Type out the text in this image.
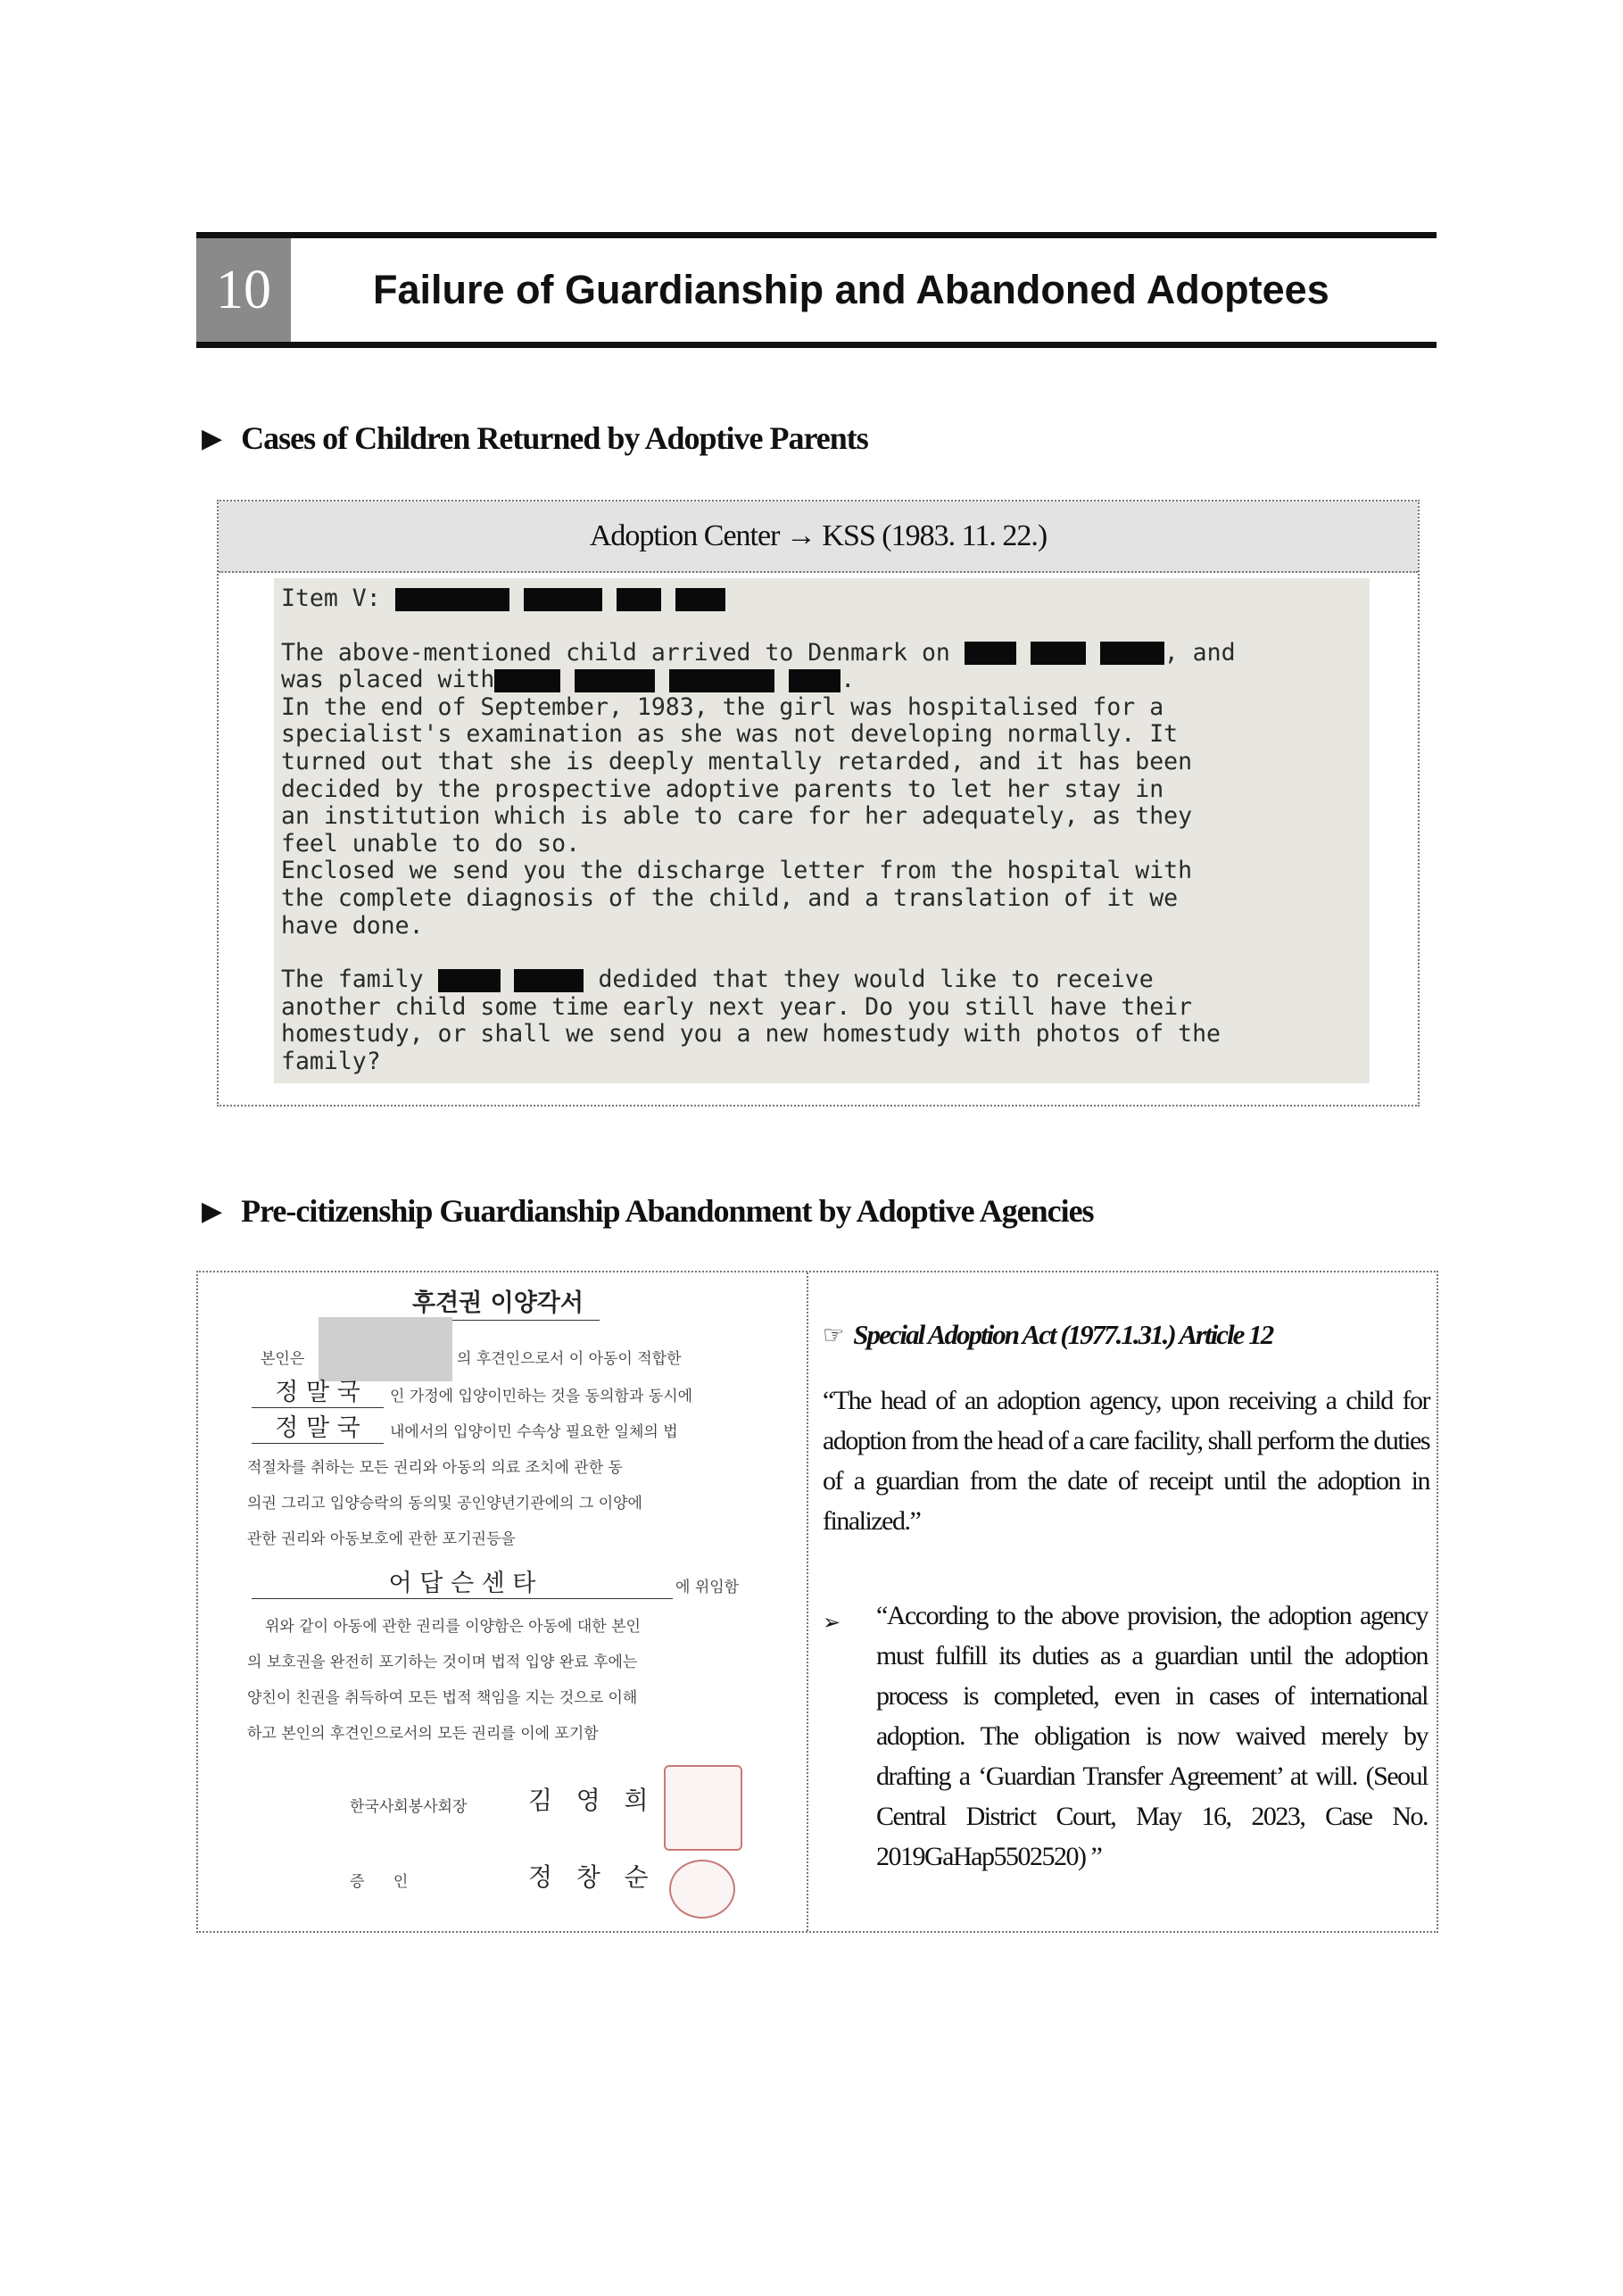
10	Failure of Guardianship and Abandoned Adoptees
▶ Cases of Children Returned by Adoptive Parents
Adoption Center → KSS (1983. 11. 22.)
Item V:
The above-mentioned child arrived to Denmark on	, and
was placed with	.
In the end of September, 1983, the girl was hospitalised for a
specialist's examination as she was not developing normally. It
turned out that she is deeply mentally retarded, and it has been
decided by the prospective adoptive parents to let her stay in
an institution which is able to care for her adequately, as they
feel unable to do so.
Enclosed we send you the discharge letter from the hospital with
the complete diagnosis of the child, and a translation of it we
have done.
The family	dedided that they would like to receive
another child some time early next year. Do you still have their
homestudy, or shall we send you a new homestudy with photos of the
family?
▶ Pre-citizenship Guardianship Abandonment by Adoptive Agencies
후견권 이양각서
본인은	의 후견인으로서 이 아동이 적합한
정 말 국	인 가정에 입양이민하는 것을 동의함과 동시에
정 말 국	내에서의 입양이민 수속상 필요한 일체의 법
적절차를 취하는 모든 권리와 아동의 의료 조치에 관한 동
의권 그리고 입양승락의 동의및 공인양년기관에의 그 이양에
관한 권리와 아동보호에 관한 포기권등을
어 답 슨 센 타	에 위임함
위와 같이 아동에 관한 권리를 이양함은 아동에 대한 본인
의 보호권을 완전히 포기하는 것이며 법적 입양 완료 후에는
양친이 친권을 취득하여 모든 법적 책임을 지는 것으로 이해
하고 본인의 후견인으로서의 모든 권리를 이에 포기함
한국사회봉사회장 김   영   희
증      인	정   창   순
☞ Special Adoption Act (1977.1.31.) Article 12
“The head of an adoption agency, upon receiving a child for adoption from the head of a care facility, shall perform the duties of a guardian from the date of receipt until the adoption in finalized.”
➢ “According to the above provision, the adoption agency must fulfill its duties as a guardian until the adoption process is completed, even in cases of international adoption. The obligation is now waived merely by drafting a ‘Guardian Transfer Agreement’ at will. (Seoul Central District Court, May 16, 2023, Case No. 2019GaHap5502520) ”
